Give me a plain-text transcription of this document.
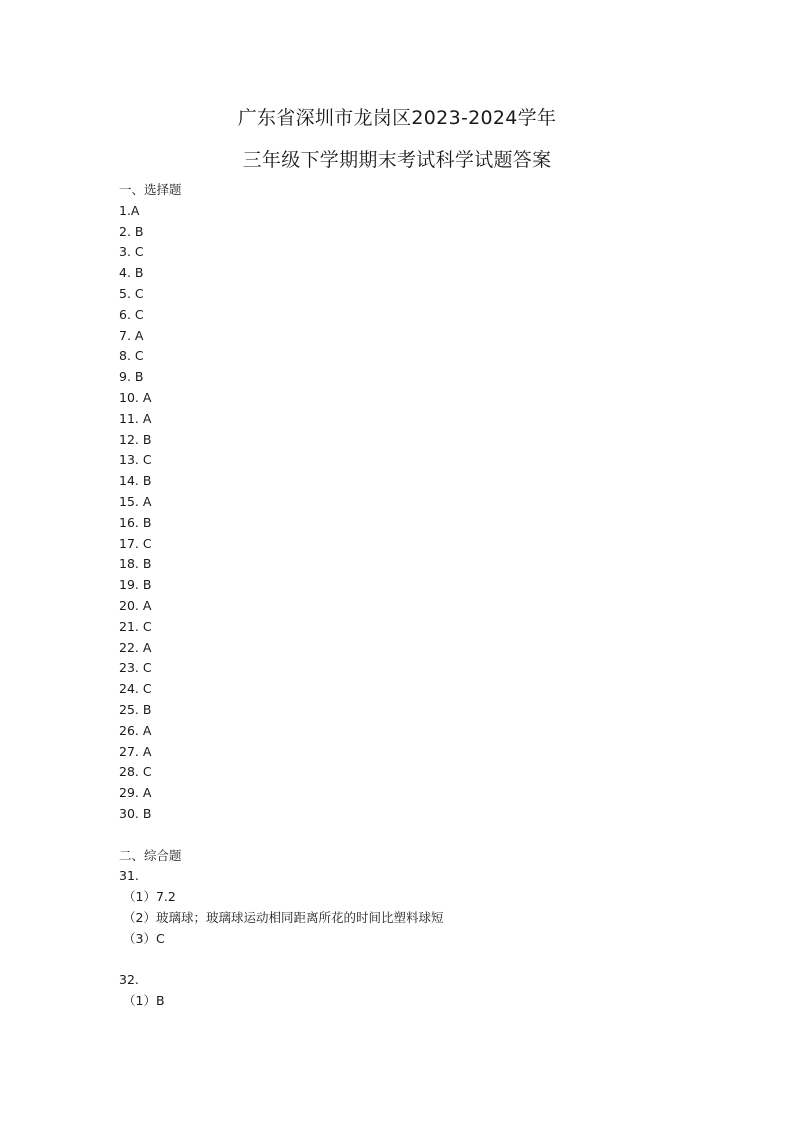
广东省深圳市龙岗区2023-2024学年
三年级下学期期末考试科学试题答案
一、选择题
1.A
2. B
3. C
4. B
5. C
6. C
7. A
8. C
9. B
10. A
11. A
12. B
13. C
14. B
15. A
16. B
17. C
18. B
19. B
20. A
21. C
22. A
23. C
24. C
25. B
26. A
27. A
28. C
29. A
30. B
二、综合题
31.
（1）7.2
（2）玻璃球；玻璃球运动相同距离所花的时间比塑料球短
（3）C
32.
（1）B
